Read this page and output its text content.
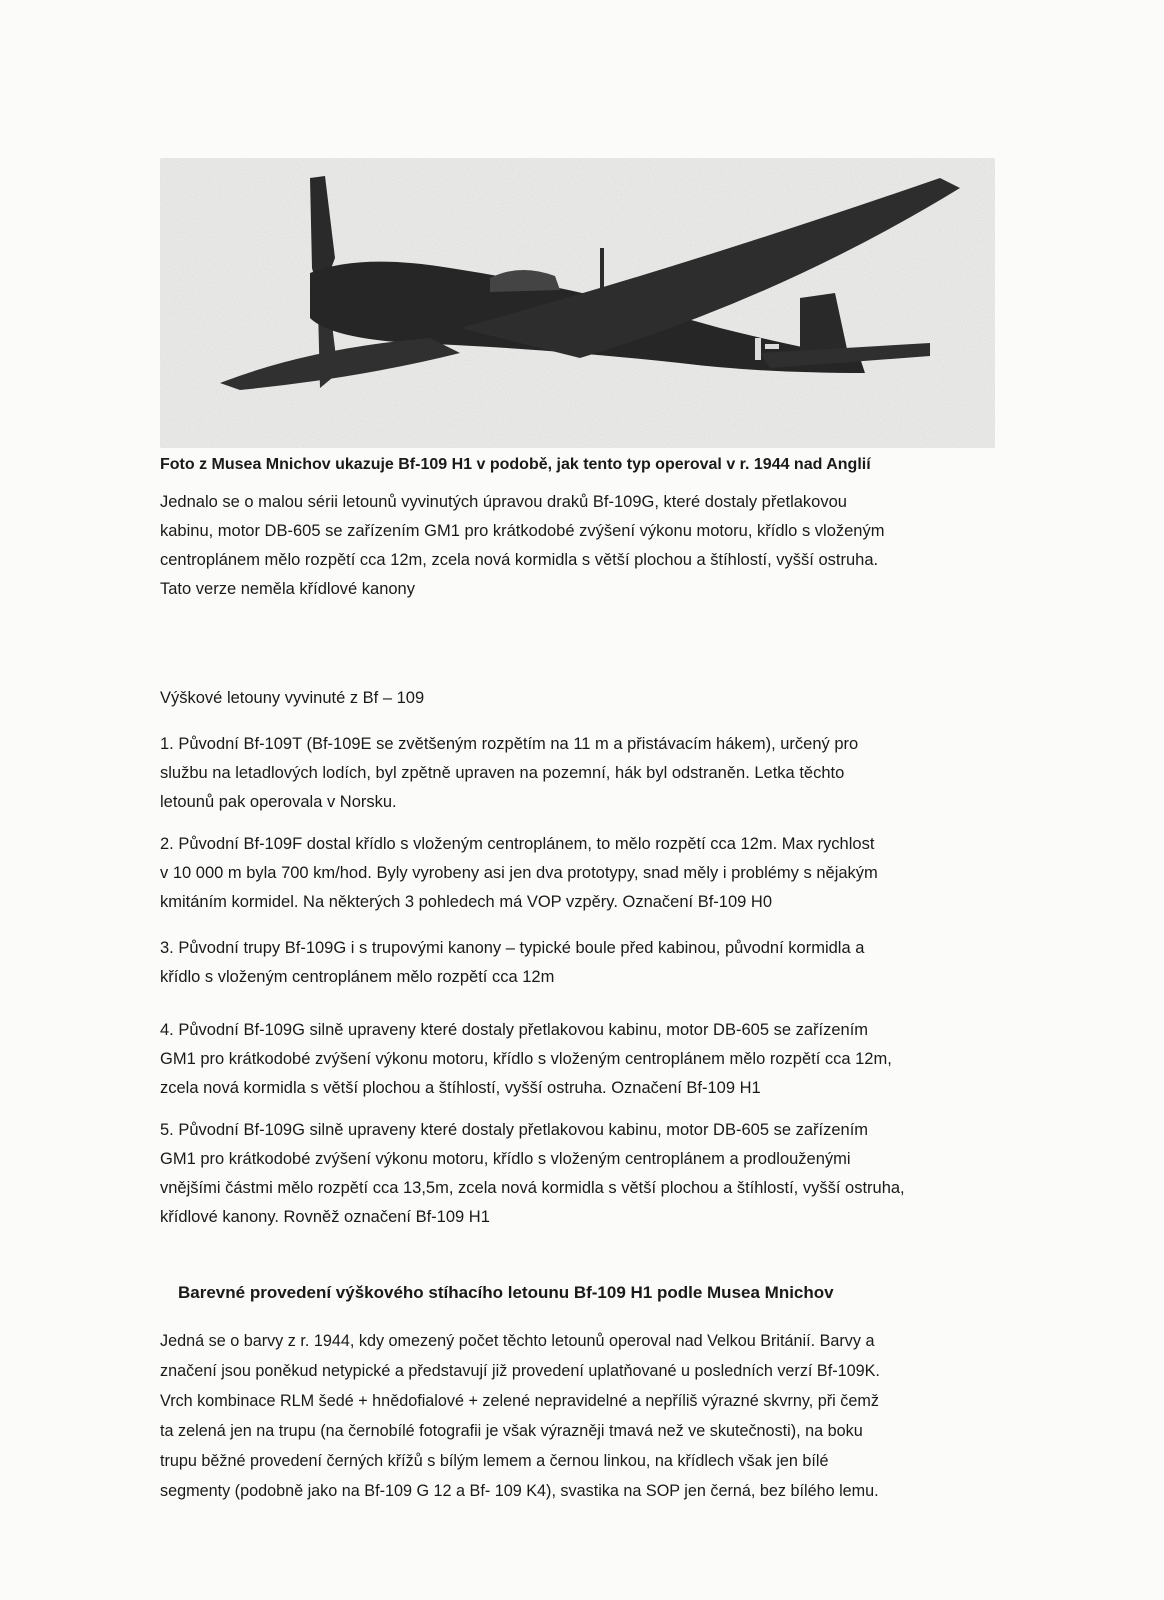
Foto z Musea Mnichov ukazuje Bf-109 H1 v podobě, jak tento typ operoval v r. 1944 nad Anglií
Jednalo se o malou sérii letounů vyvinutých úpravou draků Bf-109G, které dostaly přetlakovou
kabinu, motor DB-605 se zařízením GM1 pro krátkodobé zvýšení výkonu motoru, křídlo s vloženým
centroplánem mělo rozpětí cca 12m, zcela nová kormidla s větší plochou a štíhlostí, vyšší ostruha.
Tato verze neměla křídlové kanony
Výškové letouny vyvinuté z Bf – 109
1. Původní Bf-109T (Bf-109E se zvětšeným rozpětím na 11 m a přistávacím hákem), určený pro
službu na letadlových lodích, byl zpětně upraven na pozemní, hák byl odstraněn. Letka těchto
letounů pak operovala v Norsku.
2. Původní Bf-109F dostal křídlo s vloženým centroplánem, to mělo rozpětí cca 12m. Max rychlost
v 10 000 m byla 700 km/hod. Byly vyrobeny asi jen dva prototypy, snad měly i problémy s nějakým
kmitáním kormidel. Na některých 3 pohledech má VOP vzpěry. Označení Bf-109 H0
3. Původní trupy Bf-109G i s trupovými kanony – typické boule před kabinou, původní kormidla a
křídlo s vloženým centroplánem mělo rozpětí cca 12m
4. Původní Bf-109G silně upraveny které dostaly přetlakovou kabinu, motor DB-605 se zařízením
GM1 pro krátkodobé zvýšení výkonu motoru, křídlo s vloženým centroplánem mělo rozpětí cca 12m,
zcela nová kormidla s větší plochou a štíhlostí, vyšší ostruha. Označení Bf-109 H1
5. Původní Bf-109G silně upraveny které dostaly přetlakovou kabinu, motor DB-605 se zařízením
GM1 pro krátkodobé zvýšení výkonu motoru, křídlo s vloženým centroplánem a prodlouženými
vnějšími částmi mělo rozpětí cca 13,5m, zcela nová kormidla s větší plochou a štíhlostí, vyšší ostruha,
křídlové kanony. Rovněž označení Bf-109 H1
Barevné provedení výškového stíhacího letounu Bf-109 H1 podle Musea Mnichov
Jedná se o barvy z r. 1944, kdy omezený počet těchto letounů operoval nad Velkou Británií. Barvy a
značení jsou poněkud netypické a představují již provedení uplatňované u posledních verzí Bf-109K.
Vrch kombinace RLM šedé + hnědofialové + zelené nepravidelné a nepříliš výrazné skvrny, při čemž
ta zelená jen na trupu (na černobílé fotografii je však výrazněji tmavá než ve skutečnosti), na boku
trupu běžné provedení černých křížů s bílým lemem a černou linkou, na křídlech však jen bílé
segmenty (podobně jako na Bf-109 G 12 a Bf- 109 K4), svastika na SOP jen černá, bez bílého lemu.
